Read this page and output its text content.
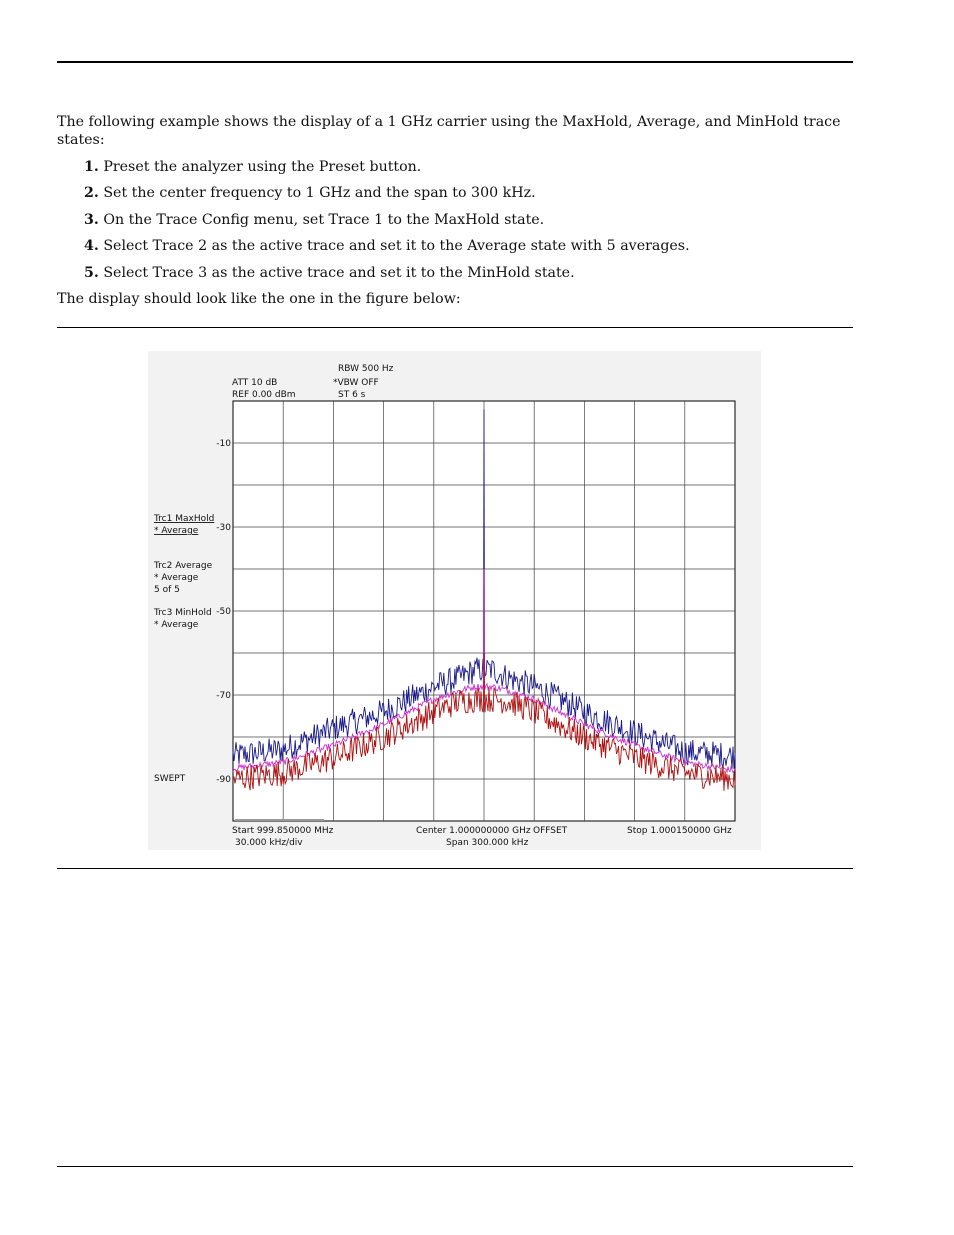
The following example shows the display of a 1 GHz carrier using the MaxHold, Average, and MinHold trace states:

1. Preset the analyzer using the Preset button.
2. Set the center frequency to 1 GHz and the span to 300 kHz.
3. On the Trace Config menu, set Trace 1 to the MaxHold state.
4. Select Trace 2 as the active trace and set it to the Average state with 5 averages.
5. Select Trace 3 as the active trace and set it to the MinHold state.

The display should look like the one in the figure below:

RBW 500 Hz
ATT 10 dB	*VBW OFF
REF 0.00 dBm	ST 6 s
-10
-30
-50
-70
-90
Trc1 MaxHold
* Average
Trc2 Average
* Average
5 of 5
Trc3 MinHold
* Average
SWEPT
Start 999.850000 MHz	Center 1.000000000 GHz OFFSET	Stop 1.000150000 GHz
30.000 kHz/div	Span 300.000 kHz
